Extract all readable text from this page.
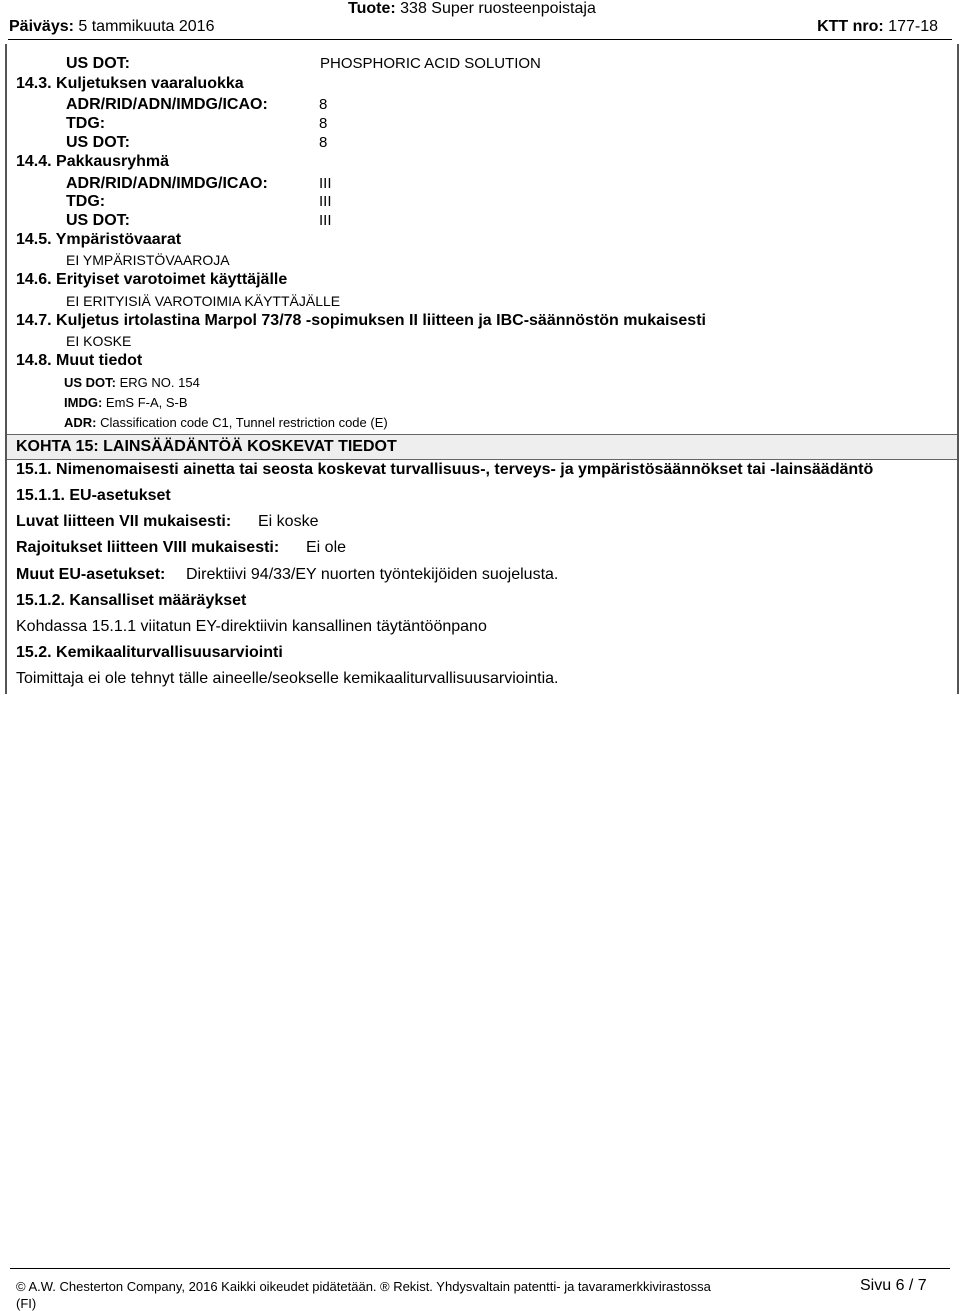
Päiväys: 5 tammikuuta 2016
Tuote: 338 Super ruosteenpoistaja
KTT nro: 177-18
US DOT:	PHOSPHORIC ACID SOLUTION
14.3. Kuljetuksen vaaraluokka
ADR/RID/ADN/IMDG/ICAO:	8
TDG:	8
US DOT:	8
14.4. Pakkausryhmä
ADR/RID/ADN/IMDG/ICAO:	III
TDG:	III
US DOT:	III
14.5. Ympäristövaarat
EI YMPÄRISTÖVAAROJA
14.6. Erityiset varotoimet käyttäjälle
EI ERITYISIÄ VAROTOIMIA KÄYTTÄJÄLLE
14.7. Kuljetus irtolastina Marpol 73/78 -sopimuksen II liitteen ja IBC-säännöstön mukaisesti
EI KOSKE
14.8. Muut tiedot
US DOT: ERG NO. 154
IMDG: EmS F-A, S-B
ADR: Classification code C1, Tunnel restriction code (E)
KOHTA 15: LAINSÄÄDÄNTÖÄ KOSKEVAT TIEDOT
15.1. Nimenomaisesti ainetta tai seosta koskevat turvallisuus-, terveys- ja ympäristösäännökset tai -lainsäädäntö
15.1.1. EU-asetukset
Luvat liitteen VII mukaisesti: Ei koske
Rajoitukset liitteen VIII mukaisesti: Ei ole
Muut EU-asetukset: Direktiivi 94/33/EY nuorten työntekijöiden suojelusta.
15.1.2. Kansalliset määräykset
Kohdassa 15.1.1 viitatun EY-direktiivin kansallinen täytäntöönpano
15.2. Kemikaaliturvallisuusarviointi
Toimittaja ei ole tehnyt tälle aineelle/seokselle kemikaaliturvallisuusarviointia.
© A.W. Chesterton Company, 2016 Kaikki oikeudet pidätetään. ® Rekist. Yhdysvaltain patentti- ja tavaramerkkivirastossa
(FI)
Sivu 6 / 7
